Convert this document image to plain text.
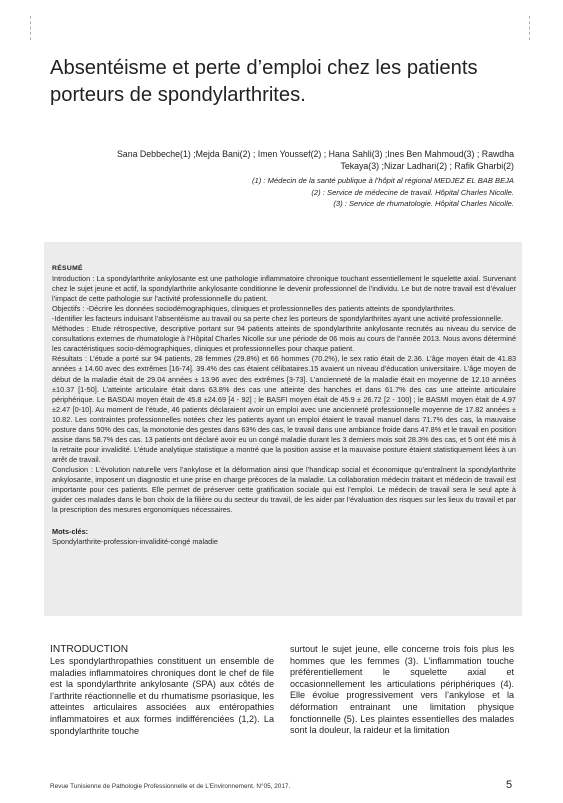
Absentéisme et perte d’emploi chez les patients
porteurs de spondylarthrites.
Sana Debbeche(1) ;Mejda Bani(2) ; Imen Youssef(2) ; Hana Sahli(3) ;Ines Ben Mahmoud(3) ; Rawdha
Tekaya(3) ;Nizar Ladhari(2) ; Rafik Gharbi(2)
(1) : Médecin de la santé publique à l’hôpit al régional MEDJEZ EL BAB BEJA
(2) : Service de médecine de travail. Hôpital Charles Nicolle.
(3) : Service de rhumatologie. Hôpital Charles Nicolle.
RÉSUMÉ

Introduction : La spondylarthrite ankylosante est une pathologie inflammatoire chronique touchant essentiellement le squelette axial. Survenant chez le sujet jeune et actif, la spondylarthrite ankylosante conditionne le devenir professionnel de l’individu. Le but de notre travail est d’évaluer l’impact de cette pathologie sur l’activité professionnelle du patient.

Objectifs : -Décrire les données sociodémographiques, cliniques et professionnelles des patients atteints de spondylarthrites.

-Identifier les facteurs induisant l’absentéisme au travail ou sa perte chez les porteurs de spondylarthrites ayant une activité professionnelle.

Méthodes : Etude rétrospective, descriptive portant sur 94 patients atteints de spondylarthrite ankylosante recrutés au niveau du service de consultations externes de rhumatologie à l’Hôpital Charles Nicolle sur une période de 06 mois au cours de l’année 2013. Nous avons déterminé les caractéristiques socio-démographiques, cliniques et professionnelles pour chaque patient.

Résultats : L’étude a porté sur 94 patients, 28 femmes (29.8%) et 66 hommes (70.2%), le sex ratio était de 2.36. L’âge moyen était de 41.83 années ± 14.60 avec des extrêmes [16-74]. 39.4% des cas étaient célibataires.15 avaient un niveau d’éducation universitaire. L’âge moyen de début de la maladie était de 29.04 années ± 13.96 avec des extrêmes [3-73]. L’ancienneté de la maladie était en moyenne de 12.10 années ±10.37 [1-50]. L’atteinte articulaire était dans 63.8% des cas une atteinte des hanches et dans 61.7% des cas une atteinte articulaire périphérique. Le BASDAI moyen était de 45.8 ±24.69 [4 - 92] ; le BASFI moyen était de 45.9 ± 26.72 [2 - 100] ; le BASMI moyen était de 4.97 ±2.47 [0-10]. Au moment de l’étude, 46 patients déclaraient avoir un emploi avec une ancienneté professionnelle moyenne de 17.82 années ± 10.82. Les contraintes professionnelles notées chez les patients ayant un emploi étaient le travail manuel dans 71.7% des cas, la mauvaise posture dans 50% des cas, la monotonie des gestes dans 63% des cas, le travail dans une ambiance froide dans 47.8% et le travail en position assise dans 58.7% des cas. 13 patients ont déclaré avoir eu un congé maladie durant les 3 derniers mois soit 28.3% des cas, et 5 ont été mis à la retraite pour invalidité. L’étude analytique statistique a montré que la position assise et la mauvaise posture étaient statistiquement liées à un arrêt de travail.

Conclusion : L’évolution naturelle vers l’ankylose et la déformation ainsi que l’handicap social et économique qu’entraînent la spondylarthrite ankylosante, imposent un diagnostic et une prise en charge précoces de la maladie. La collaboration médecin traitant et médecin de travail est importante pour ces patients. Elle permet de préserver cette gratification sociale qui est l’emploi. Le médecin de travail sera le seul apte à guider ces malades dans le bon choix de la filière ou du secteur du travail, de les aider par l’évaluation des risques sur les lieux du travail et par la prescription des mesures ergonomiques nécessaires.

Mots-clés:
Spondylarthrite-profession-invalidité-congé maladie
INTRODUCTION
Les spondylarthropathies constituent un ensemble de maladies inflammatoires chroniques dont le chef de file est la spondylarthrite ankylosante (SPA) aux côtés de l’arthrite réactionnelle et du rhumatisme psoriasique, les atteintes articulaires associées aux entéropathies inflammatoires et aux formes indifférenciées (1,2). La spondylarthrite touche
surtout le sujet jeune, elle concerne trois fois plus les hommes que les femmes (3). L’inflammation touche préférentiellement le squelette axial et occasionnellement les articulations périphériques (4). Elle évolue progressivement vers l’ankylose et la déformation entrainant une limitation physique fonctionnelle (5). Les plaintes essentielles des malades sont la douleur, la raideur et la limitation
Revue Tunisienne de Pathologie Professionnelle et de L’Environnement. N°05, 2017.	5
